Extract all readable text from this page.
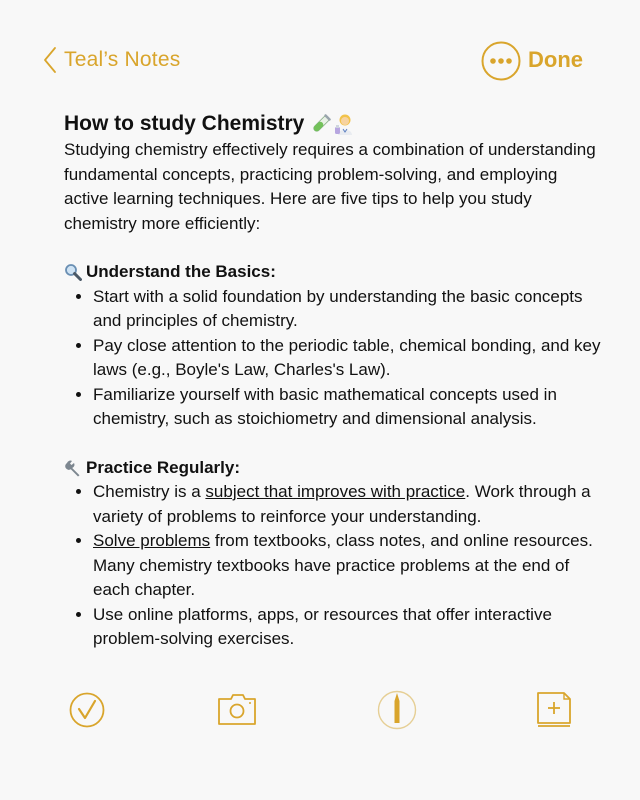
Teal’s Notes	Done
How to study Chemistry

Studying chemistry effectively requires a combination of understanding fundamental concepts, practicing problem-solving, and employing active learning techniques. Here are five tips to help you study chemistry more efficiently:

Understand the Basics:
• Start with a solid foundation by understanding the basic concepts and principles of chemistry.
• Pay close attention to the periodic table, chemical bonding, and key laws (e.g., Boyle's Law, Charles's Law).
• Familiarize yourself with basic mathematical concepts used in chemistry, such as stoichiometry and dimensional analysis.
Practice Regularly:
• Chemistry is a subject that improves with practice. Work through a variety of problems to reinforce your understanding.
• Solve problems from textbooks, class notes, and online resources. Many chemistry textbooks have practice problems at the end of each chapter.
• Use online platforms, apps, or resources that offer interactive problem-solving exercises.
